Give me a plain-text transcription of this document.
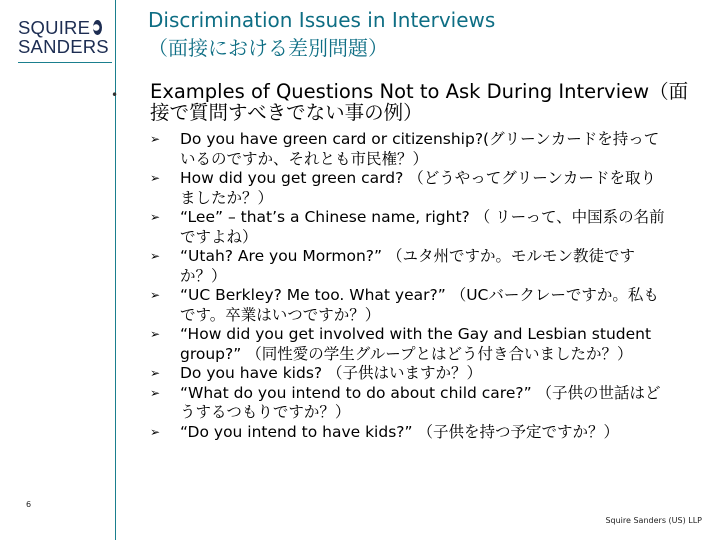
SQUIRE
SANDERS
Discrimination Issues in Interviews
（面接における差別問題）
• Examples of Questions Not to Ask During Interview（面接で質問すべきでない事の例）
➢ Do you have green card or citizenship?(グリーンカードを持っているのですか、それとも市民権？）
➢ How did you get green card? （どうやってグリーンカードを取りましたか？）
➢ “Lee” – that’s a Chinese name, right? （ リーって、中国系の名前ですよね）
➢ “Utah? Are you Mormon?” （ユタ州ですか。モルモン教徒ですか？）
➢ “UC Berkley? Me too. What year?” （UCバークレーですか。私もです。卒業はいつですか？）
➢ “How did you get involved with the Gay and Lesbian student group?” （同性愛の学生グループとはどう付き合いましたか？）
➢ Do you have kids? （子供はいますか？）
➢ “What do you intend to do about child care?” （子供の世話はどうするつもりですか？）
➢ “Do you intend to have kids?” （子供を持つ予定ですか？）
6
Squire Sanders (US) LLP
